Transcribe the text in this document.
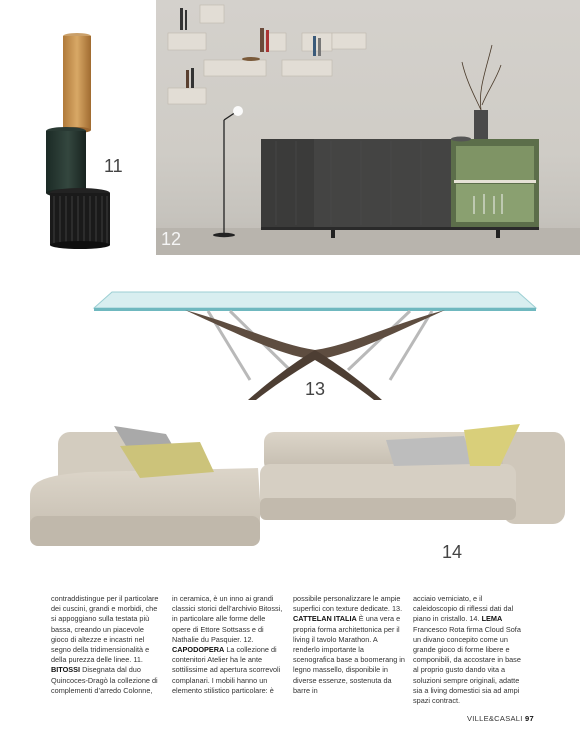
11
12
13
14

contraddistingue per il particolare dei cuscini, grandi e morbidi, che si appoggiano sulla testata più bassa, creando un piacevole gioco di altezze e incastri nel segno della tridimensionalità e della purezza delle linee. 11. BITOSSI Disegnata dal duo Quincoces-Dragò la collezione di complementi d’arredo Colonne,

in ceramica, è un inno ai grandi classici storici dell’archivio Bitossi, in particolare alle forme delle opere di Ettore Sottsass e di Nathalie du Pasquier. 12. CAPODOPERA La collezione di contenitori Atelier ha le ante sottilissime ad apertura scorrevoli complanari. I mobili hanno un elemento stilistico particolare: è

possibile personalizzare le ampie superfici con texture dedicate. 13. CATTELAN ITALIA È una vera e propria forma architettonica per il living il tavolo Marathon. A renderlo importante la scenografica base a boomerang in legno massello, disponibile in diverse essenze, sostenuta da barre in

acciaio verniciato, e il caleidoscopio di riflessi dati dal piano in cristallo. 14. LEMA Francesco Rota firma Cloud Sofa un divano concepito come un grande gioco di forme libere e componibili, da accostare in base al proprio gusto dando vita a soluzioni sempre originali, adatte sia a living domestici sia ad ampi spazi contract.

VILLE&CASALI 97
